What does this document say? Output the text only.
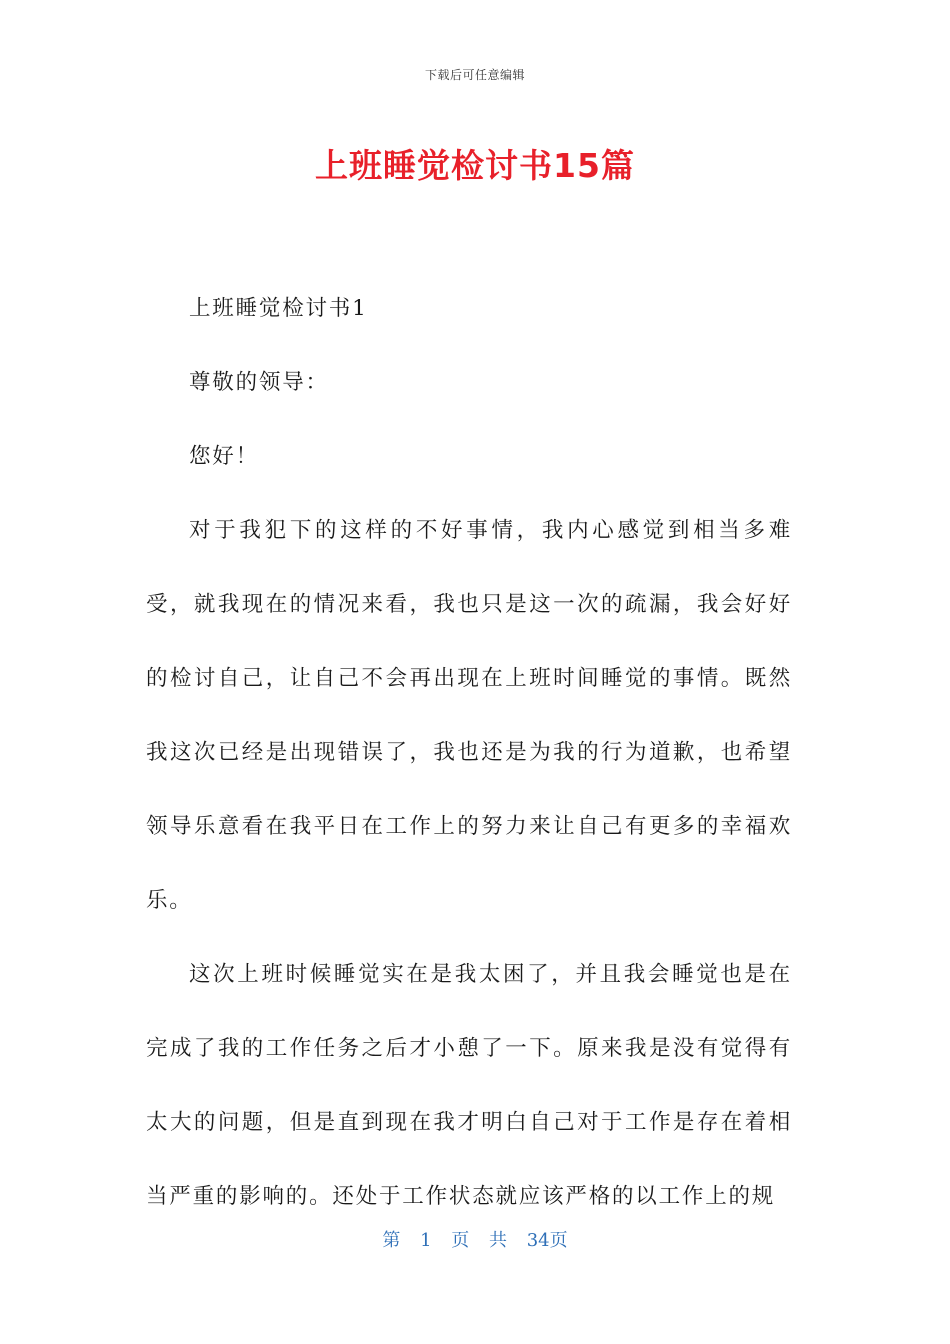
下载后可任意编辑
上班睡觉检讨书15篇

上班睡觉检讨书1

尊敬的领导：

您好！

对于我犯下的这样的不好事情，我内心感觉到相当多难受，就我现在的情况来看，我也只是这一次的疏漏，我会好好的检讨自己，让自己不会再出现在上班时间睡觉的事情。既然我这次已经是出现错误了，我也还是为我的行为道歉，也希望领导乐意看在我平日在工作上的努力来让自己有更多的幸福欢乐。

这次上班时候睡觉实在是我太困了，并且我会睡觉也是在完成了我的工作任务之后才小憩了一下。原来我是没有觉得有太大的问题，但是直到现在我才明白自己对于工作是存在着相当严重的影响的。还处于工作状态就应该严格的以工作上的规

第 1 页 共 34页
